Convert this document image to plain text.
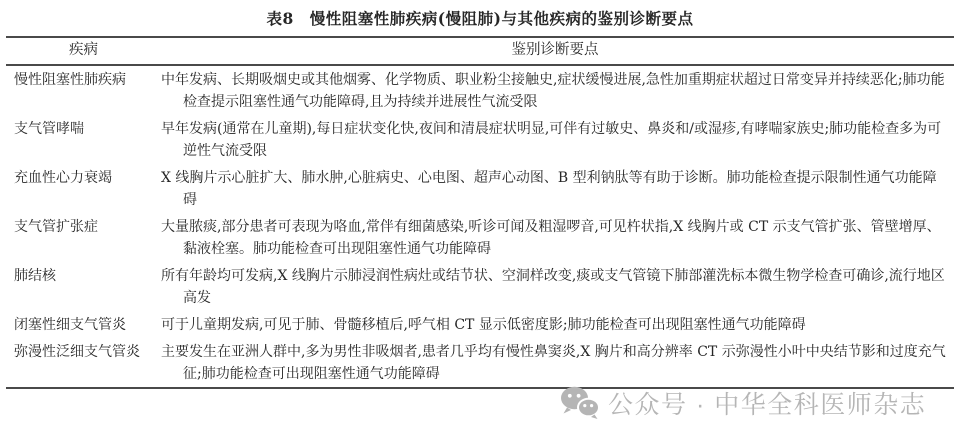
表8　慢性阻塞性肺疾病(慢阻肺)与其他疾病的鉴别诊断要点
疾病	鉴别诊断要点
慢性阻塞性肺疾病	中年发病、长期吸烟史或其他烟雾、化学物质、职业粉尘接触史,症状缓慢进展,急性加重期症状超过日常变异并持续恶化;肺功能检查提示阻塞性通气功能障碍,且为持续并进展性气流受限
支气管哮喘	早年发病(通常在儿童期),每日症状变化快,夜间和清晨症状明显,可伴有过敏史、鼻炎和/或湿疹,有哮喘家族史;肺功能检查多为可逆性气流受限
充血性心力衰竭	X 线胸片示心脏扩大、肺水肿,心脏病史、心电图、超声心动图、B 型利钠肽等有助于诊断。肺功能检查提示限制性通气功能障碍
支气管扩张症	大量脓痰,部分患者可表现为咯血,常伴有细菌感染,听诊可闻及粗湿啰音,可见杵状指,X 线胸片或 CT 示支气管扩张、管壁增厚、黏液栓塞。肺功能检查可出现阻塞性通气功能障碍
肺结核	所有年龄均可发病,X 线胸片示肺浸润性病灶或结节状、空洞样改变,痰或支气管镜下肺部灌洗标本微生物学检查可确诊,流行地区高发
闭塞性细支气管炎	可于儿童期发病,可见于肺、骨髓移植后,呼气相 CT 显示低密度影;肺功能检查可出现阻塞性通气功能障碍
弥漫性泛细支气管炎	主要发生在亚洲人群中,多为男性非吸烟者,患者几乎均有慢性鼻窦炎,X 胸片和高分辨率 CT 示弥漫性小叶中央结节影和过度充气征;肺功能检查可出现阻塞性通气功能障碍
公众号 · 中华全科医师杂志
